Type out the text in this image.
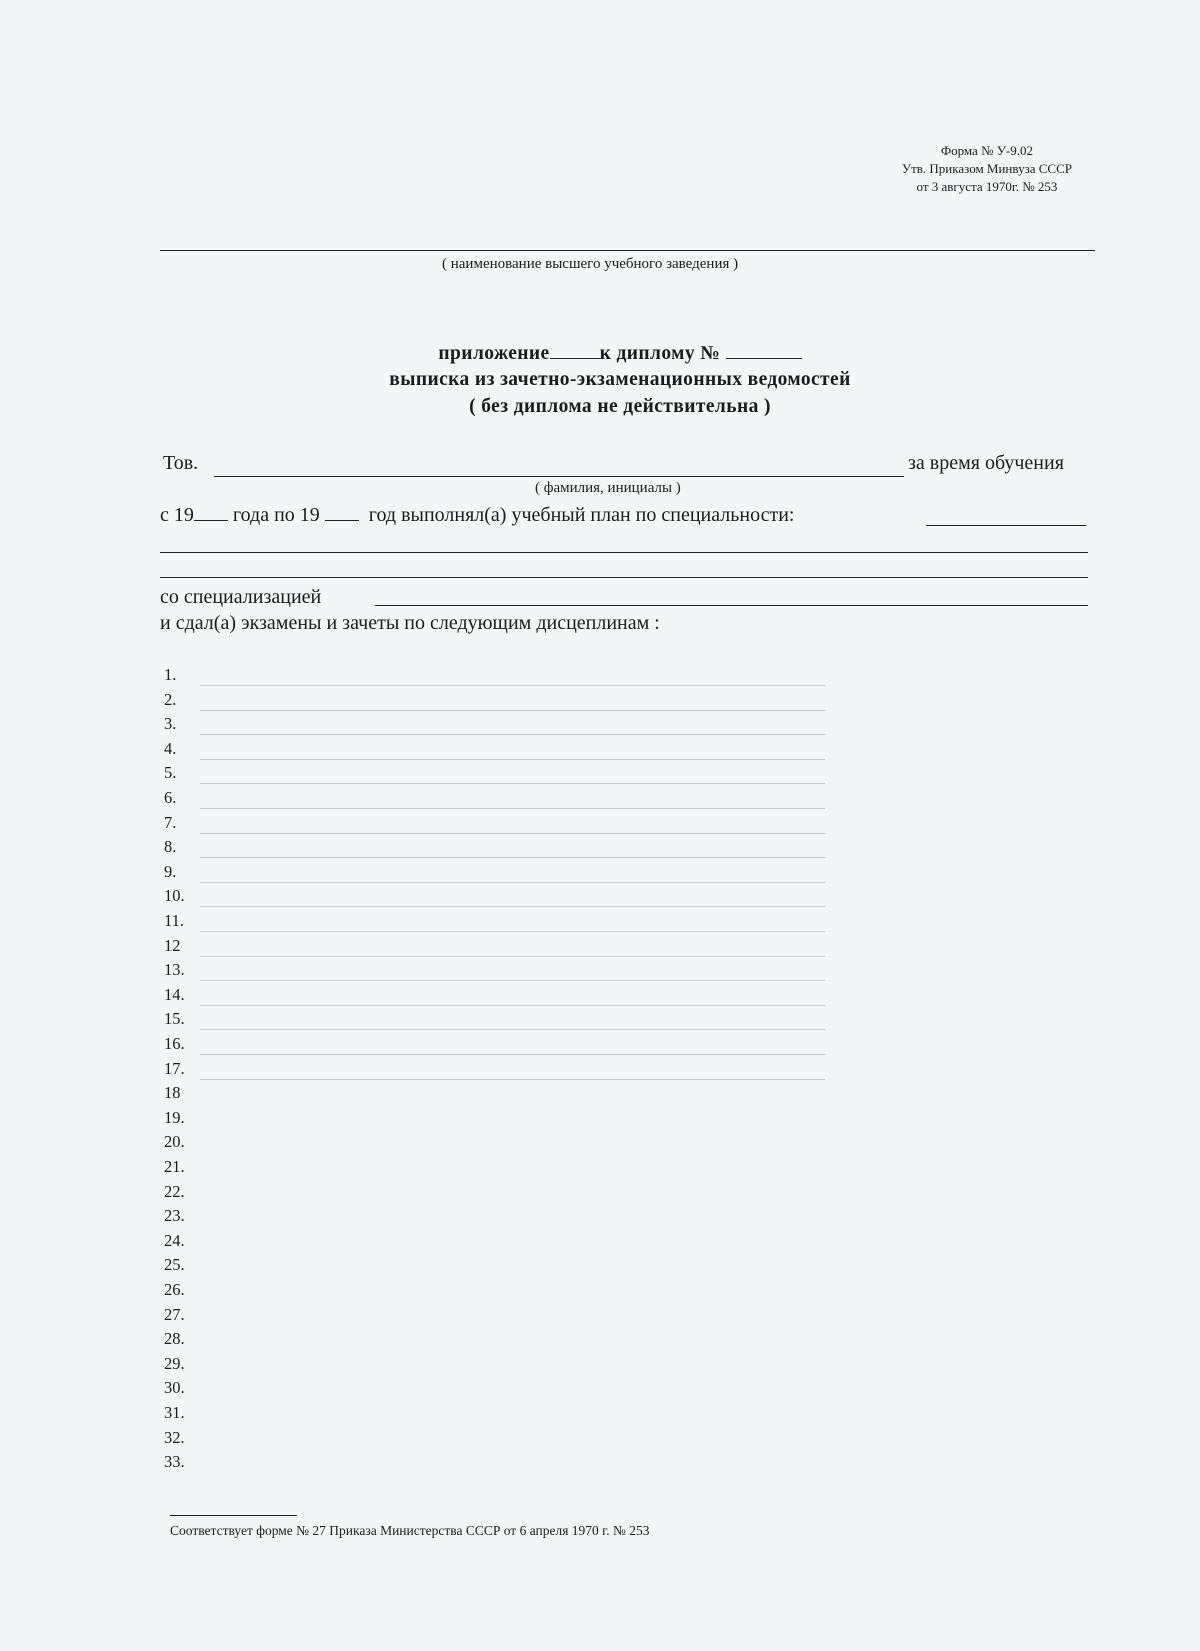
Форма № У-9.02
Утв. Приказом Минвуза СССР
от 3 августа 1970г. № 253
( наименование высшего учебного заведения )
приложение	к диплому №
выписка из зачетно-экзаменационных ведомостей
( без диплома не действительна )
Тов.	за время обучения
( фамилия, инициалы )
с 19 года по 19 год выполнял(а) учебный план по специальности:
со специализацией
и сдал(а) экзамены и зачеты по следующим дисцеплинам :
1.
2.
3.
4.
5.
6.
7.
8.
9.
10.
11.
12
13.
14.
15.
16.
17.
18
19.
20.
21.
22.
23.
24.
25.
26.
27.
28.
29.
30.
31.
32.
33.
Соответствует форме № 27 Приказа Министерства СССР от 6 апреля 1970 г. № 253
